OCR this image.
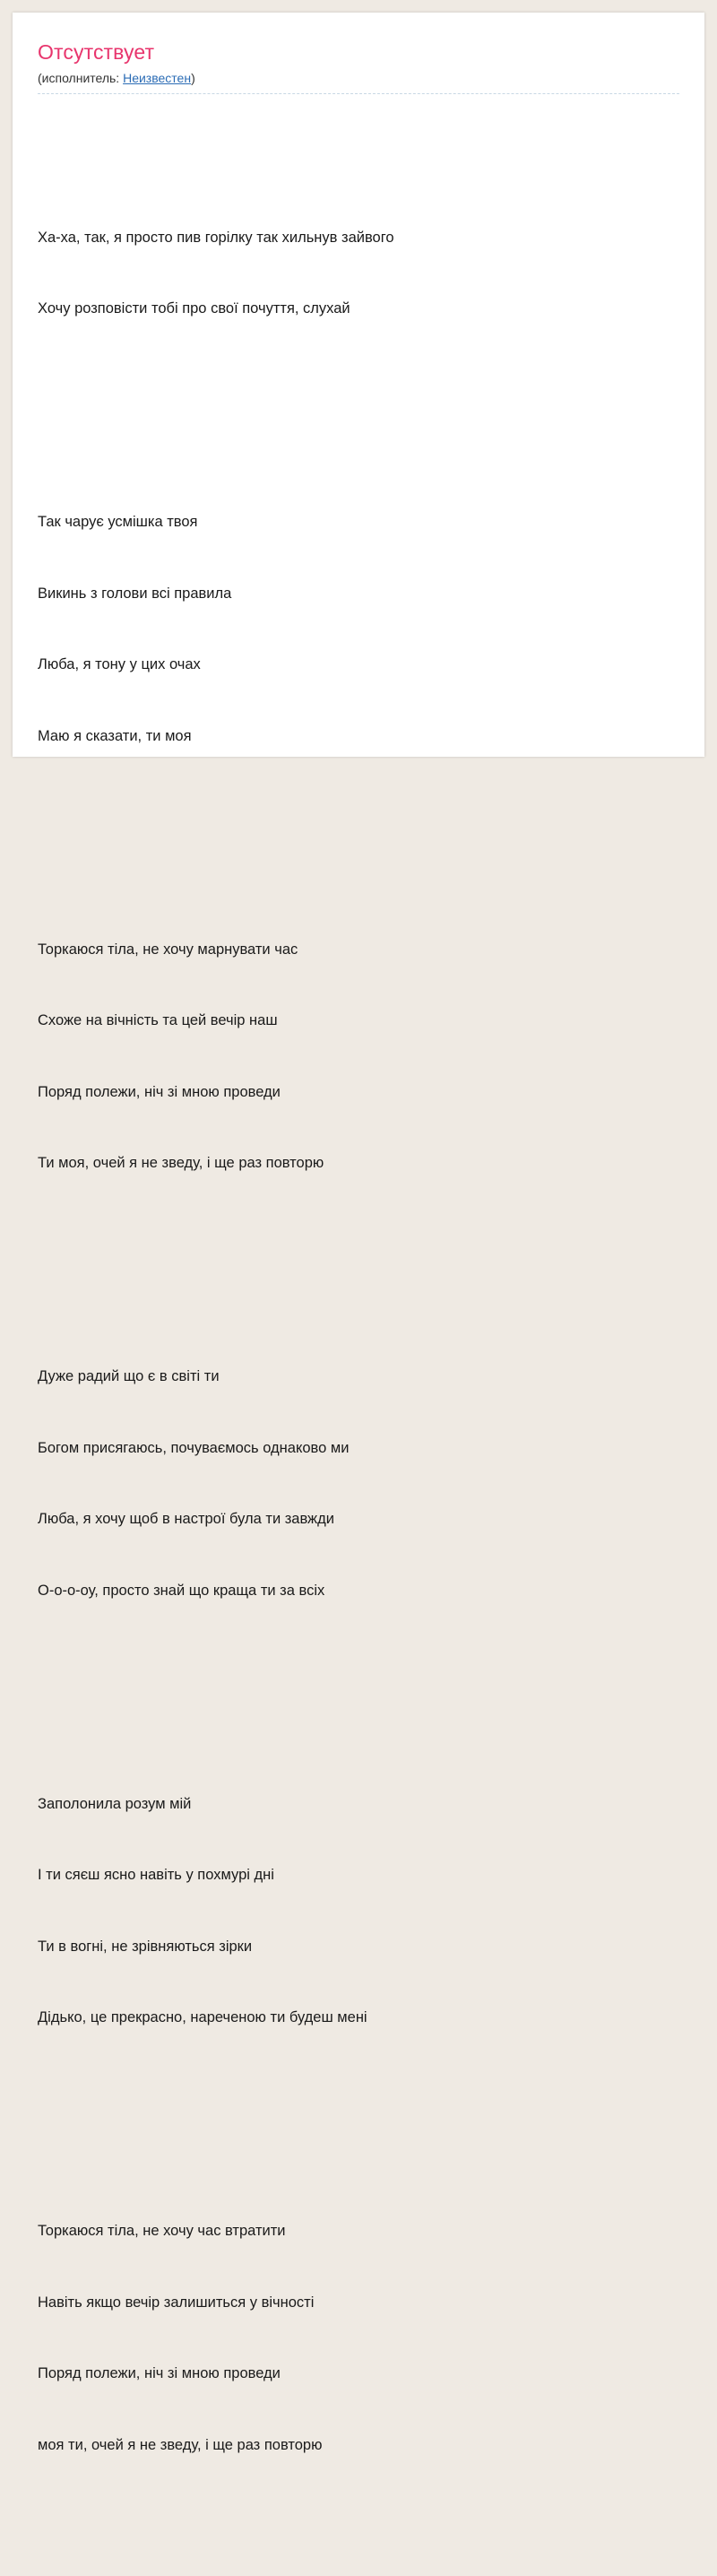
Отсутствует
(исполнитель: Неизвестен)

Ха-ха, так, я просто пив горілку так хильнув зайвого

Хочу розповісти тобі про свої почуття, слухай

Так чарує усмішка твоя

Викинь з голови всі правила

Люба, я тону у цих очах

Маю я сказати, ти моя

Торкаюся тіла, не хочу марнувати час

Схоже на вічність та цей вечір наш

Поряд полежи, ніч зі мною проведи

Ти моя, очей я не зведу, і ще раз повторю

Дуже радий що є в світі ти

Богом присягаюсь, почуваємось однаково ми

Люба, я хочу щоб в настрої була ти завжди

О-о-о-оу, просто знай що краща ти за всіх

Заполонила розум мій

І ти сяєш ясно навіть у похмурі дні

Ти в вогні, не зрівняються зірки

Дідько, це прекрасно, нареченою ти будеш мені

Торкаюся тіла, не хочу час втратити

Навіть якщо вечір залишиться у вічності

Поряд полежи, ніч зі мною проведи

моя ти, очей я не зведу, і ще раз повторю
